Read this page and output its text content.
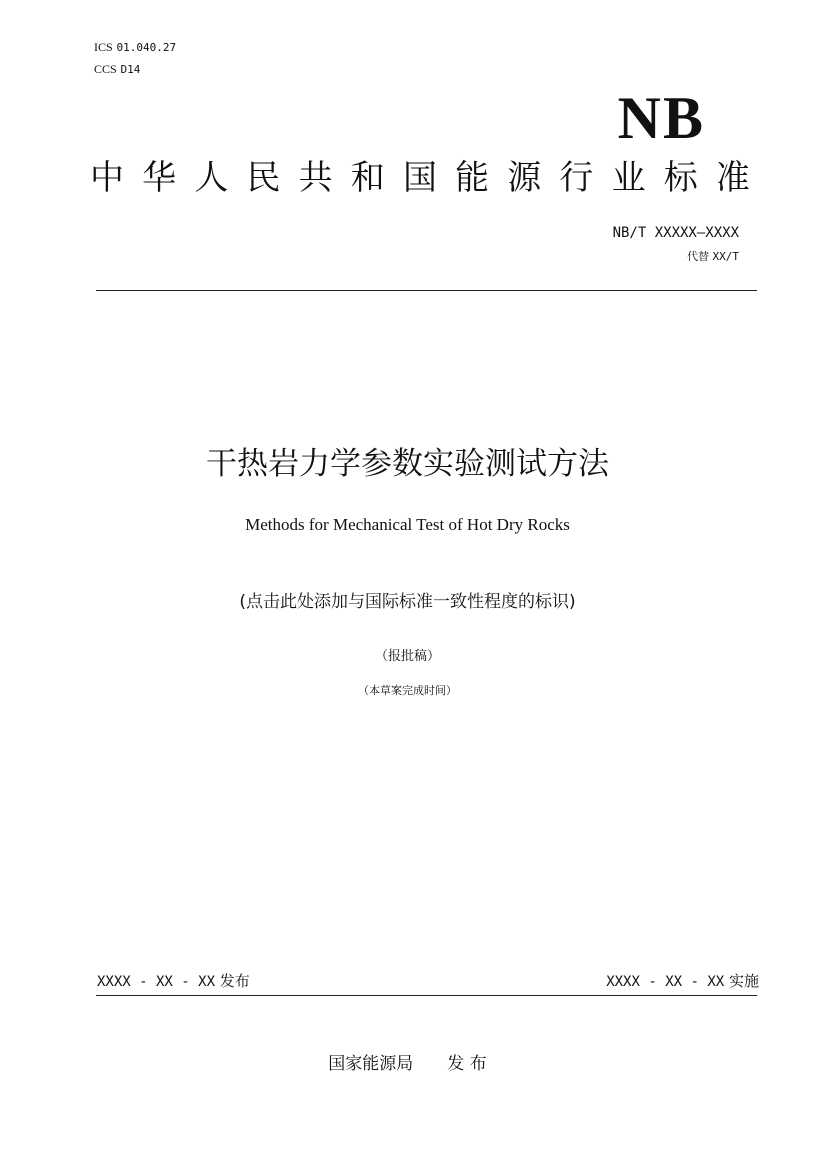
ICS 01.040.27
CCS D14
NB
中 华 人 民 共 和 国 能 源 行 业 标 准
NB/T XXXXX—XXXX
代替 XX/T
干热岩力学参数实验测试方法
Methods for Mechanical Test of Hot Dry Rocks
(点击此处添加与国际标准一致性程度的标识)
（报批稿）
（本草案完成时间）
XXXX - XX - XX 发布	XXXX - XX - XX 实施
国家能源局 发 布
